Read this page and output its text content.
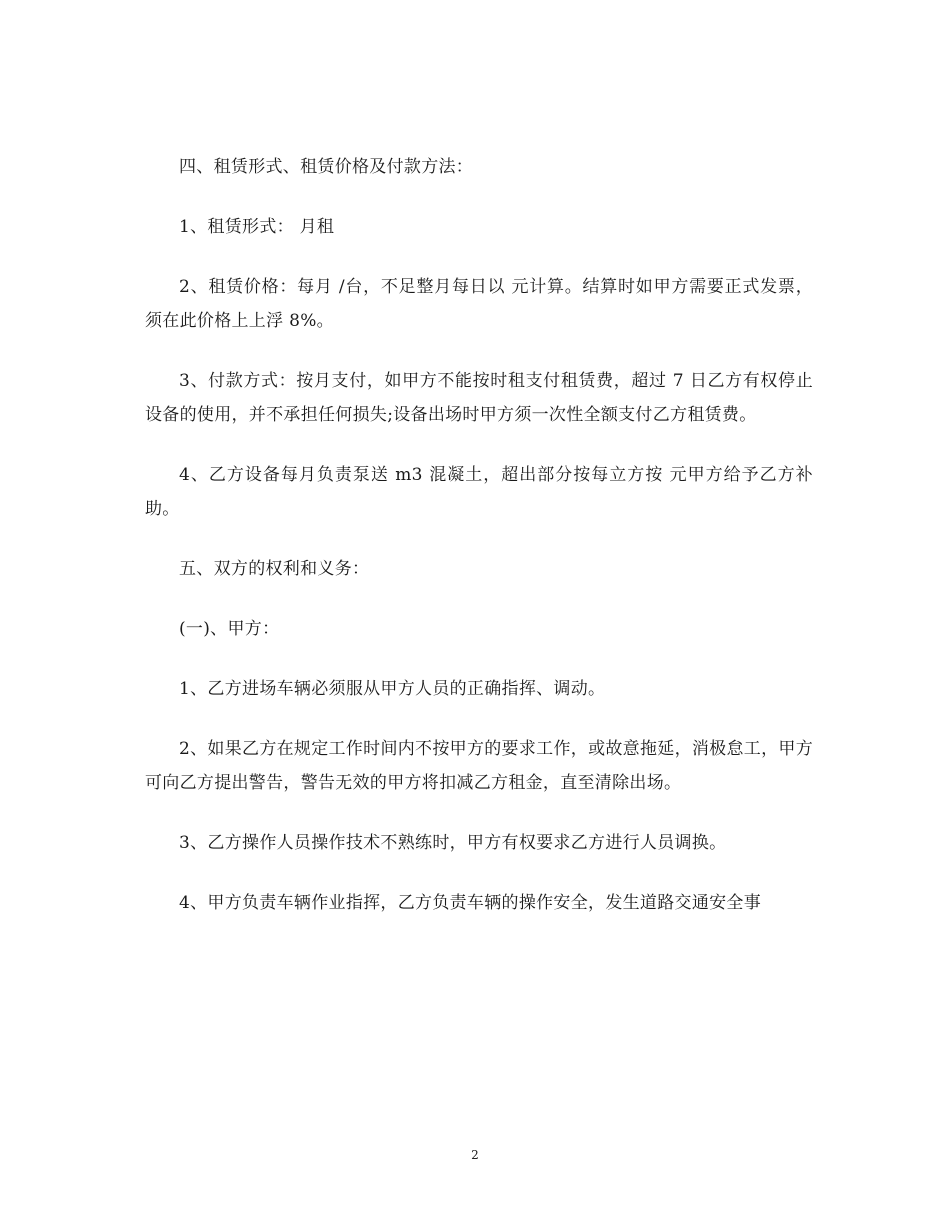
四、租赁形式、租赁价格及付款方法：

1、租赁形式： 月租

2、租赁价格：每月 /台，不足整月每日以 元计算。结算时如甲方需要正式发票，须在此价格上上浮 8%。

3、付款方式：按月支付，如甲方不能按时租支付租赁费，超过 7 日乙方有权停止设备的使用，并不承担任何损失;设备出场时甲方须一次性全额支付乙方租赁费。

4、乙方设备每月负责泵送 m3 混凝土，超出部分按每立方按 元甲方给予乙方补助。

五、双方的权利和义务：

(一)、甲方：

1、乙方进场车辆必须服从甲方人员的正确指挥、调动。

2、如果乙方在规定工作时间内不按甲方的要求工作，或故意拖延，消极怠工，甲方可向乙方提出警告，警告无效的甲方将扣减乙方租金，直至清除出场。

3、乙方操作人员操作技术不熟练时，甲方有权要求乙方进行人员调换。

4、甲方负责车辆作业指挥，乙方负责车辆的操作安全，发生道路交通安全事

2
